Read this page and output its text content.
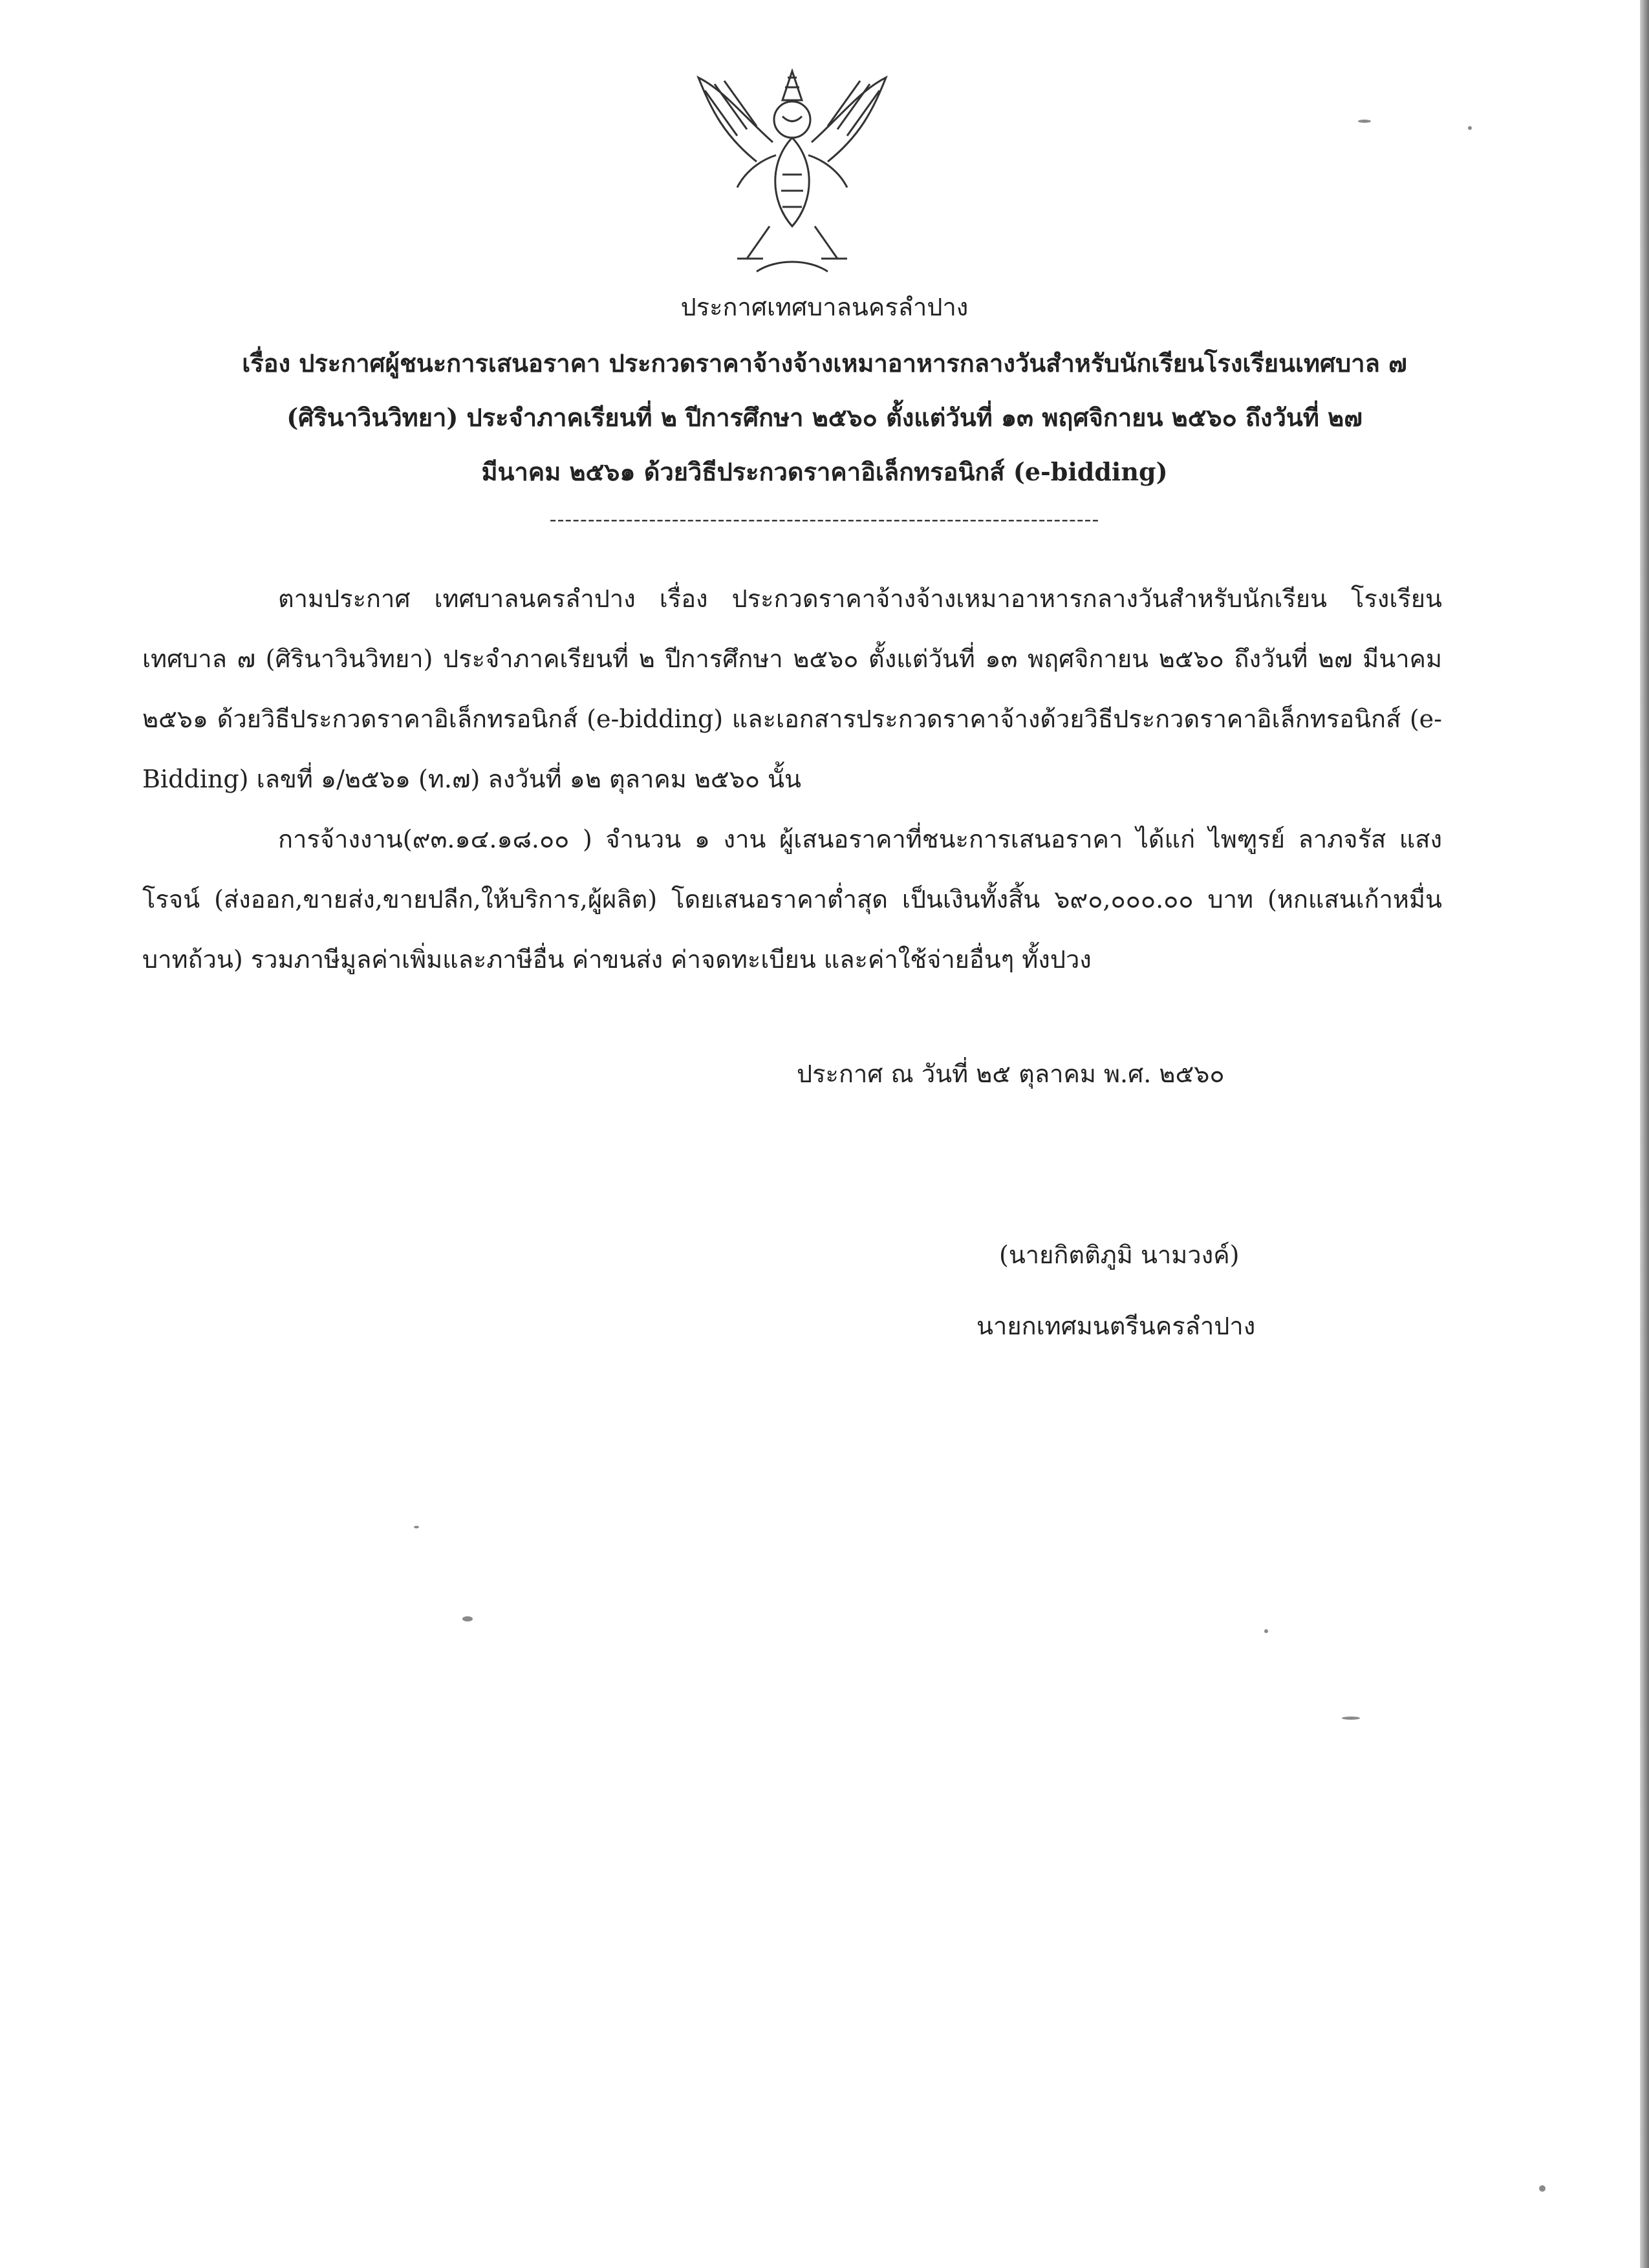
ประกาศเทศบาลนครลำปาง

เรื่อง ประกาศผู้ชนะการเสนอราคา ประกวดราคาจ้างจ้างเหมาอาหารกลางวันสำหรับนักเรียนโรงเรียนเทศบาล ๗
(ศิรินาวินวิทยา) ประจำภาคเรียนที่ ๒ ปีการศึกษา ๒๕๖๐ ตั้งแต่วันที่ ๑๓ พฤศจิกายน ๒๕๖๐ ถึงวันที่ ๒๗
มีนาคม ๒๕๖๑ ด้วยวิธีประกวดราคาอิเล็กทรอนิกส์ (e-bidding)

------------------------------------------------------------------------

ตามประกาศ เทศบาลนครลำปาง เรื่อง ประกวดราคาจ้างจ้างเหมาอาหารกลางวันสำหรับนักเรียน โรงเรียนเทศบาล ๗ (ศิรินาวินวิทยา) ประจำภาคเรียนที่ ๒ ปีการศึกษา ๒๕๖๐ ตั้งแต่วันที่ ๑๓ พฤศจิกายน ๒๕๖๐ ถึงวันที่ ๒๗ มีนาคม ๒๕๖๑ ด้วยวิธีประกวดราคาอิเล็กทรอนิกส์ (e-bidding) และเอกสารประกวดราคาจ้างด้วยวิธีประกวดราคาอิเล็กทรอนิกส์ (e-Bidding) เลขที่ ๑/๒๕๖๑ (ท.๗) ลงวันที่ ๑๒ ตุลาคม ๒๕๖๐ นั้น

การจ้างงาน(๙๓.๑๔.๑๘.๐๐ ) จำนวน ๑ งาน ผู้เสนอราคาที่ชนะการเสนอราคา ได้แก่ ไพฑูรย์ ลาภจรัส แสงโรจน์ (ส่งออก,ขายส่ง,ขายปลีก,ให้บริการ,ผู้ผลิต) โดยเสนอราคาต่ำสุด เป็นเงินทั้งสิ้น ๖๙๐,๐๐๐.๐๐ บาท (หกแสนเก้าหมื่นบาทถ้วน) รวมภาษีมูลค่าเพิ่มและภาษีอื่น ค่าขนส่ง ค่าจดทะเบียน และค่าใช้จ่ายอื่นๆ ทั้งปวง

ประกาศ ณ วันที่ ๒๕ ตุลาคม พ.ศ. ๒๕๖๐
(นายกิตติภูมิ นามวงค์)
นายกเทศมนตรีนครลำปาง
